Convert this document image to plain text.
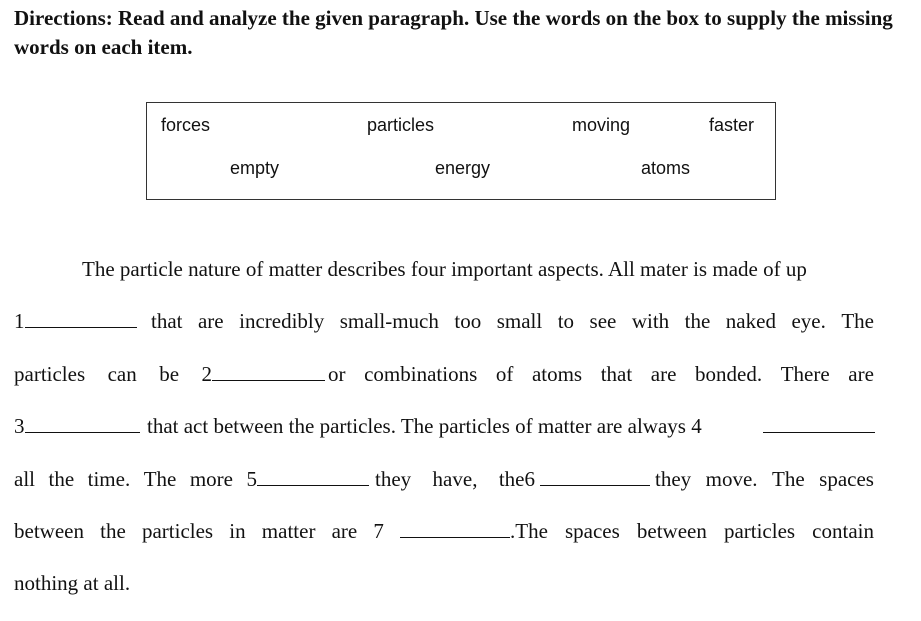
Directions: Read and analyze the given paragraph. Use the words on the box to supply the missing words on each item.

forces	particles	moving	faster
empty	energy	atoms
The particle nature of matter describes four important aspects. All mater is made of up
1	that are incredibly small-much too small to see with the naked eye. The
particles can be 2	or combinations of atoms that are bonded. There are
3	that act between the particles. The particles of matter are always 4
all the time. The more 5	they have, the6	they move. The spaces
between the particles in matter are 7	.The spaces between particles contain
nothing at all.
